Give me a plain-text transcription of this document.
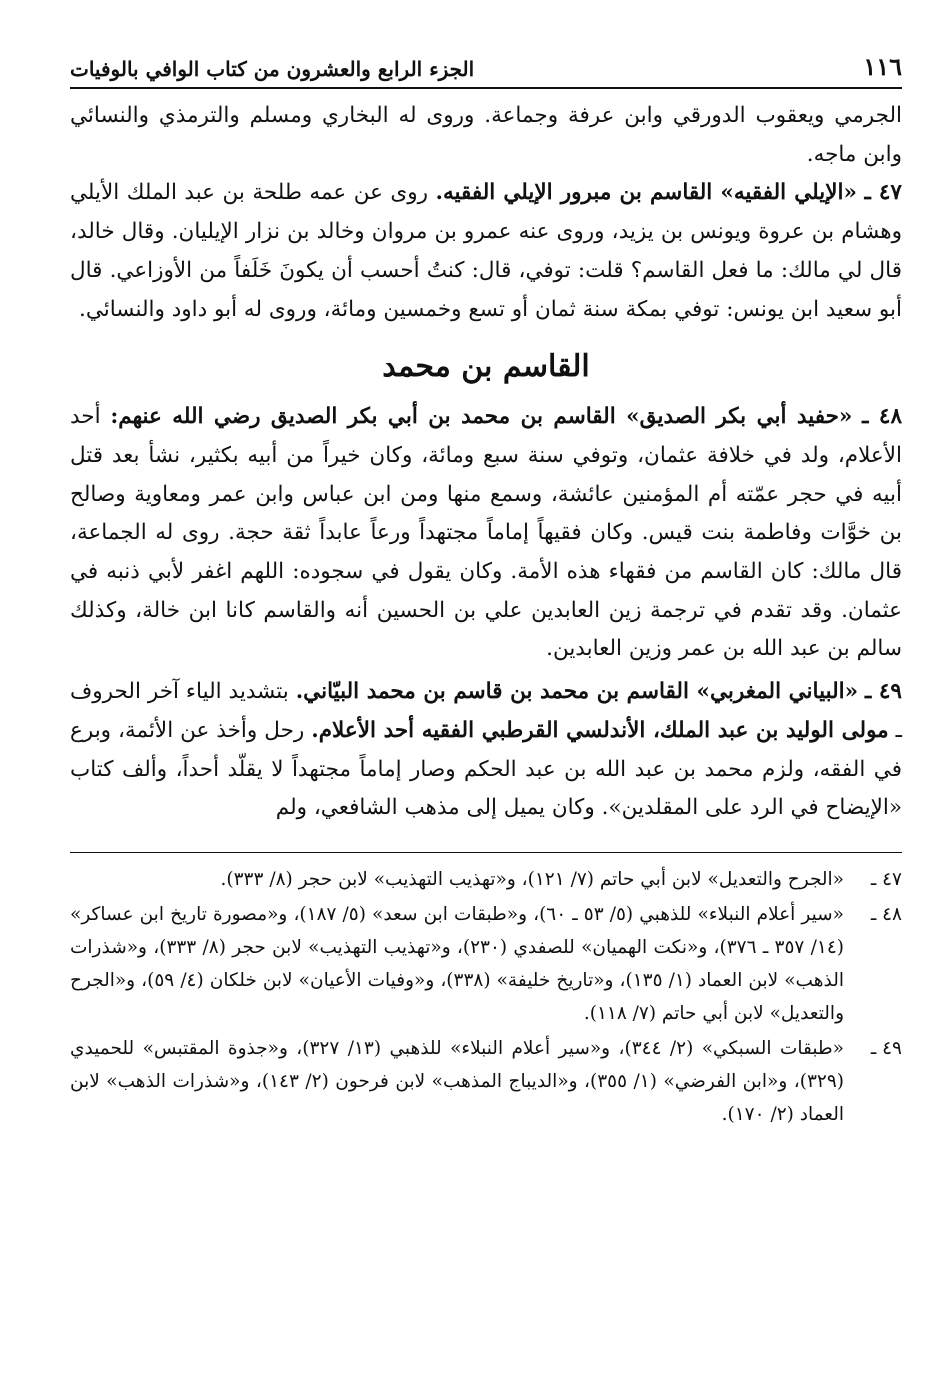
١١٦
الجزء الرابع والعشرون من كتاب الوافي بالوفيات

الجرمي ويعقوب الدورقي وابن عرفة وجماعة. وروى له البخاري ومسلم والترمذي والنسائي وابن ماجه.

٤٧ ـ «الإيلي الفقيه» القاسم بن مبرور الإيلي الفقيه. روى عن عمه طلحة بن عبد الملك الأيلي وهشام بن عروة ويونس بن يزيد، وروى عنه عمرو بن مروان وخالد بن نزار الإيليان. وقال خالد، قال لي مالك: ما فعل القاسم؟ قلت: توفي، قال: كنتُ أحسب أن يكونَ خَلَفاً من الأوزاعي. قال أبو سعيد ابن يونس: توفي بمكة سنة ثمان أو تسع وخمسين ومائة، وروى له أبو داود والنسائي.

القاسم بن محمد

٤٨ ـ «حفيد أبي بكر الصديق» القاسم بن محمد بن أبي بكر الصديق رضي الله عنهم: أحد الأعلام، ولد في خلافة عثمان، وتوفي سنة سبع ومائة، وكان خيراً من أبيه بكثير، نشأ بعد قتل أبيه في حجر عمّته أم المؤمنين عائشة، وسمع منها ومن ابن عباس وابن عمر ومعاوية وصالح بن خوَّات وفاطمة بنت قيس. وكان فقيهاً إماماً مجتهداً ورعاً عابداً ثقة حجة. روى له الجماعة، قال مالك: كان القاسم من فقهاء هذه الأمة. وكان يقول في سجوده: اللهم اغفر لأبي ذنبه في عثمان. وقد تقدم في ترجمة زين العابدين علي بن الحسين أنه والقاسم كانا ابن خالة، وكذلك سالم بن عبد الله بن عمر وزين العابدين.

٤٩ ـ «البياني المغربي» القاسم بن محمد بن قاسم بن محمد البيّاني. بتشديد الياء آخر الحروف ـ مولى الوليد بن عبد الملك، الأندلسي القرطبي الفقيه أحد الأعلام. رحل وأخذ عن الأئمة، وبرع في الفقه، ولزم محمد بن عبد الله بن عبد الحكم وصار إماماً مجتهداً لا يقلّد أحداً، وألف كتاب «الإيضاح في الرد على المقلدين». وكان يميل إلى مذهب الشافعي، ولم

٤٧ ـ
«الجرح والتعديل» لابن أبي حاتم (٧/ ١٢١)، و«تهذيب التهذيب» لابن حجر (٨/ ٣٣٣).
٤٨ ـ
«سير أعلام النبلاء» للذهبي (٥/ ٥٣ ـ ٦٠)، و«طبقات ابن سعد» (٥/ ١٨٧)، و«مصورة تاريخ ابن عساكر» (١٤/ ٣٥٧ ـ ٣٧٦)، و«نكت الهميان» للصفدي (٢٣٠)، و«تهذيب التهذيب» لابن حجر (٨/ ٣٣٣)، و«شذرات الذهب» لابن العماد (١/ ١٣٥)، و«تاريخ خليفة» (٣٣٨)، و«وفيات الأعيان» لابن خلكان (٤/ ٥٩)، و«الجرح والتعديل» لابن أبي حاتم (٧/ ١١٨).
٤٩ ـ
«طبقات السبكي» (٢/ ٣٤٤)، و«سير أعلام النبلاء» للذهبي (١٣/ ٣٢٧)، و«جذوة المقتبس» للحميدي (٣٢٩)، و«ابن الفرضي» (١/ ٣٥٥)، و«الديباج المذهب» لابن فرحون (٢/ ١٤٣)، و«شذرات الذهب» لابن العماد (٢/ ١٧٠).
